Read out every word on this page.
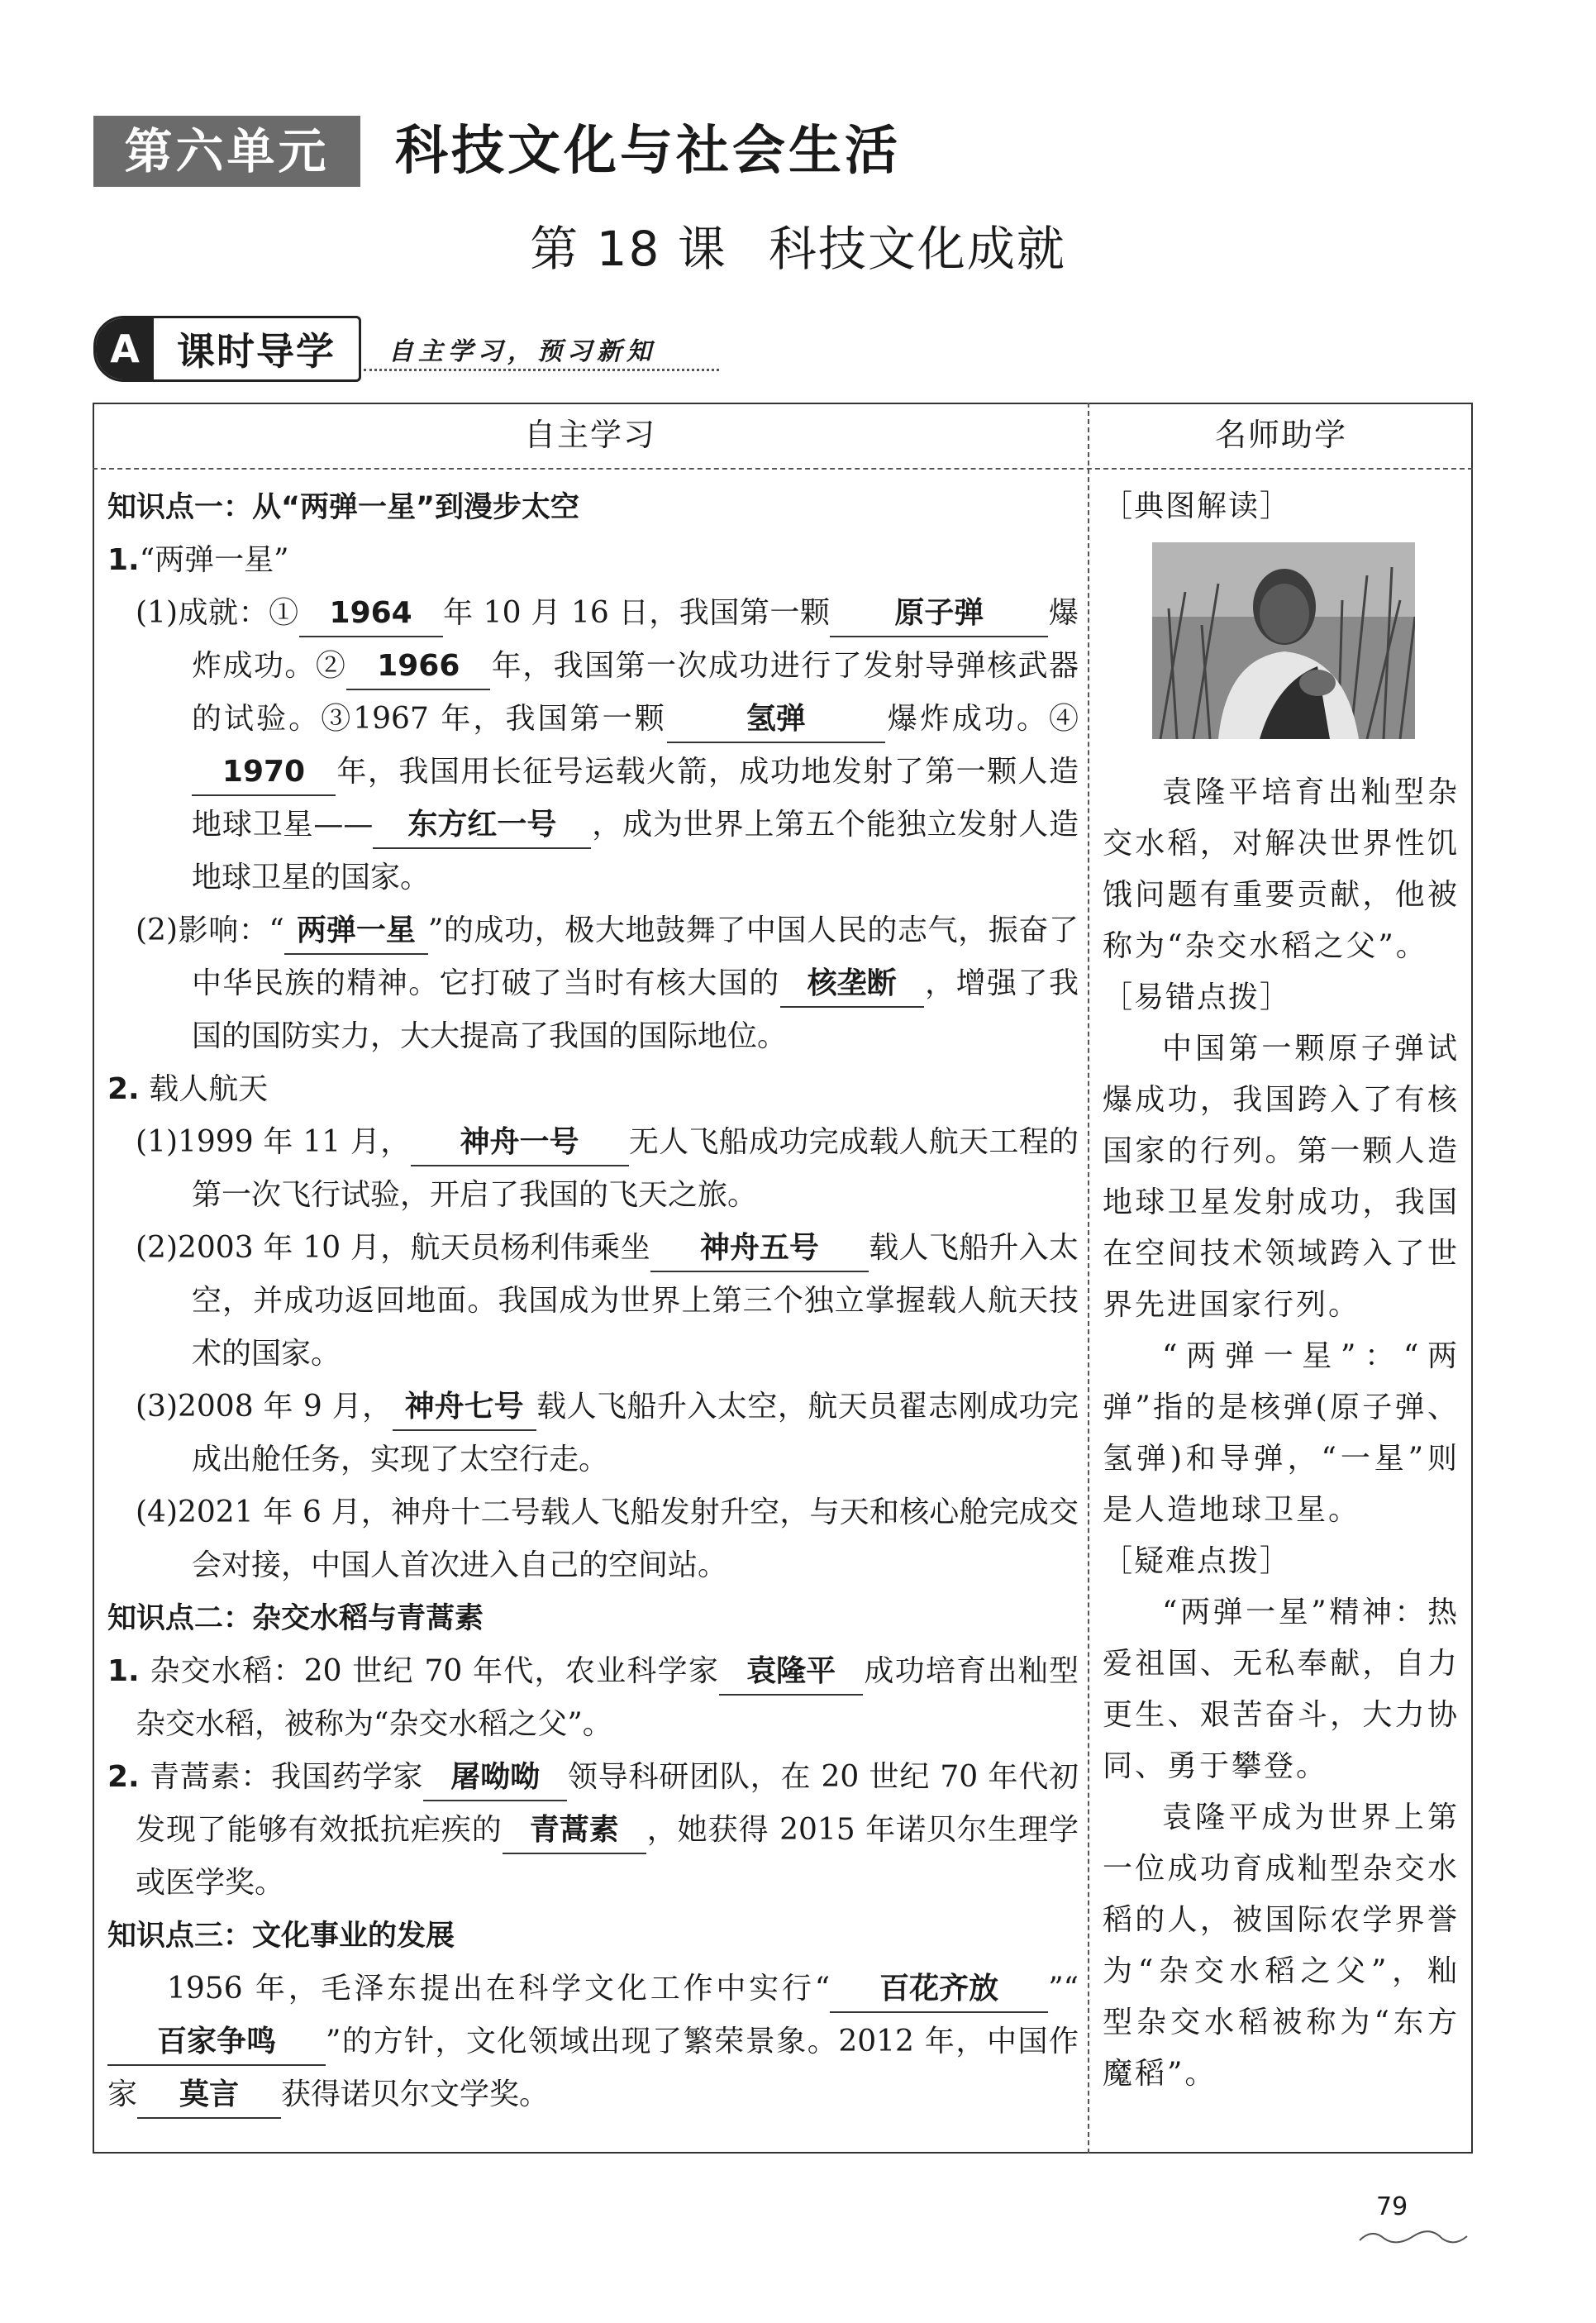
第六单元	科技文化与社会生活
第 18 课 科技文化成就
A 课时导学	自主学习，预习新知
自主学习	名师助学
知识点一：从“两弹一星”到漫步太空
1.“两弹一星”
(1)成就：① 1964 年 10 月 16 日，我国第一颗 原子弹 爆炸成功。② 1966 年，我国第一次成功进行了发射导弹核武器的试验。③1967 年，我国第一颗	氢弹	爆炸成功。④1970 年，我国用长征号运载火箭，成功地发射了第一颗人造地球卫星—— 东方红一号 ，成为世界上第五个能独立发射人造地球卫星的国家。
(2)影响：“ 两弹一星 ”的成功，极大地鼓舞了中国人民的志气，振奋了中华民族的精神。它打破了当时有核大国的 核垄断 ，增强了我国的国防实力，大大提高了我国的国际地位。
2. 载人航天
(1)1999 年 11 月， 神舟一号 无人飞船成功完成载人航天工程的第一次飞行试验，开启了我国的飞天之旅。
(2)2003 年 10 月，航天员杨利伟乘坐 神舟五号 载人飞船升入太空，并成功返回地面。我国成为世界上第三个独立掌握载人航天技术的国家。
(3)2008 年 9 月， 神舟七号 载人飞船升入太空，航天员翟志刚成功完成出舱任务，实现了太空行走。
(4)2021 年 6 月，神舟十二号载人飞船发射升空，与天和核心舱完成交会对接，中国人首次进入自己的空间站。
知识点二：杂交水稻与青蒿素
1. 杂交水稻：20 世纪 70 年代，农业科学家 袁隆平 成功培育出籼型杂交水稻，被称为“杂交水稻之父”。
2. 青蒿素：我国药学家 屠呦呦 领导科研团队，在 20 世纪 70 年代初发现了能够有效抵抗疟疾的 青蒿素 ，她获得 2015 年诺贝尔生理学或医学奖。
知识点三：文化事业的发展
1956 年，毛泽东提出在科学文化工作中实行“ 百花齐放 ”“百家争鸣 ”的方针，文化领域出现了繁荣景象。2012 年，中国作家 莫言 获得诺贝尔文学奖。
［典图解读］
袁隆平培育出籼型杂交水稻，对解决世界性饥饿问题有重要贡献，他被称为“杂交水稻之父”。
［易错点拨］
中国第一颗原子弹试爆成功，我国跨入了有核国家的行列。第一颗人造地球卫星发射成功，我国在空间技术领域跨入了世界先进国家行列。
“两弹一星”：“两弹”指的是核弹(原子弹、氢弹)和导弹，“一星”则是人造地球卫星。
［疑难点拨］
“两弹一星”精神：热爱祖国、无私奉献，自力更生、艰苦奋斗，大力协同、勇于攀登。
袁隆平成为世界上第一位成功育成籼型杂交水稻的人，被国际农学界誉为“杂交水稻之父”，籼型杂交水稻被称为“东方魔稻”。
79
